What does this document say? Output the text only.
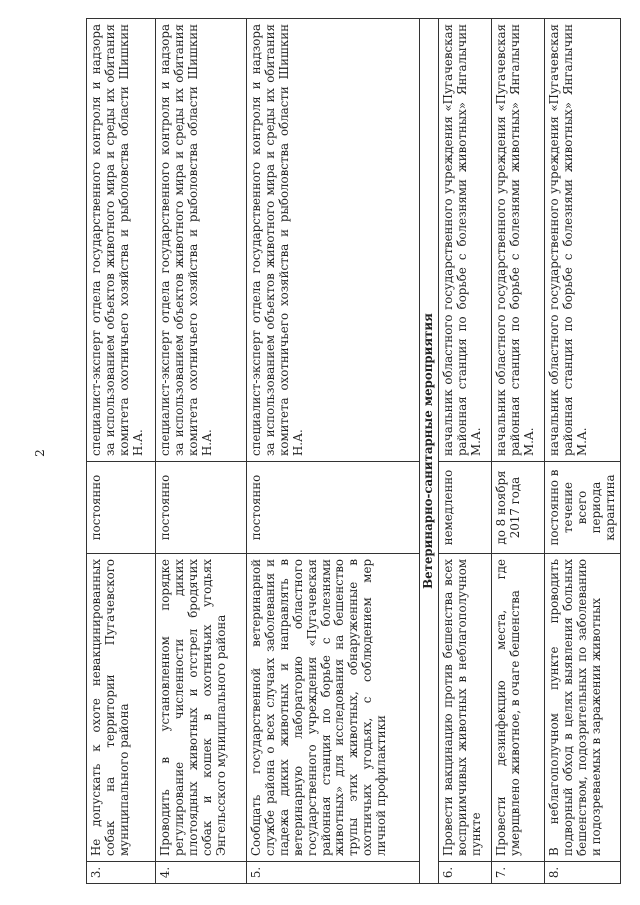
2
3.	Не допускать к охоте невакцинированных собак на территории Пугачевского муниципального района	постоянно	специалист-эксперт отдела государственного контроля и надзора за использованием объектов животного мира и среды их обитания комитета охотничьего хозяйства и рыболовства области Шишкин Н.А.
4.	Проводить в установленном порядке регулирование численности диких плотоядных животных и отстрел бродячих собак и кошек в охотничьих угодьях Энгельсского муниципального района	постоянно	специалист-эксперт отдела государственного контроля и надзора за использованием объектов животного мира и среды их обитания комитета охотничьего хозяйства и рыболовства области Шишкин Н.А.
5.	Сообщать государственной ветеринарной службе района о всех случаях заболевания и падежа диких животных и направлять в ветеринарную лабораторию областного государственного учреждения «Пугачевская районная станция по борьбе с болезнями животных» для исследования на бешенство трупы этих животных, обнаруженные в охотничьих угодьях, с соблюдением мер личной профилактики	постоянно	специалист-эксперт отдела государственного контроля и надзора за использованием объектов животного мира и среды их обитания комитета охотничьего хозяйства и рыболовства области Шишкин Н.А.
Ветеринарно-санитарные мероприятия			
6.	Провести вакцинацию против бешенства всех восприимчивых животных в неблагополучном пункте	немедленно	начальник областного государственного учреждения «Пугачевская районная станция по борьбе с болезнями животных» Янгалычин М.А.
7.	Провести дезинфекцию места, где умерщвлено животное, в очаге бешенства	до 8 ноября 2017 года	начальник областного государственного учреждения «Пугачевская районная станция по борьбе с болезнями животных» Янгалычин М.А.
8.	В неблагополучном пункте проводить подворный обход в целях выявления больных бешенством, подозрительных по заболеванию и подозреваемых в заражении животных	постоянно в течение всего периода карантина	начальник областного государственного учреждения «Пугачевская районная станция по борьбе с болезнями животных» Янгалычин М.А.
